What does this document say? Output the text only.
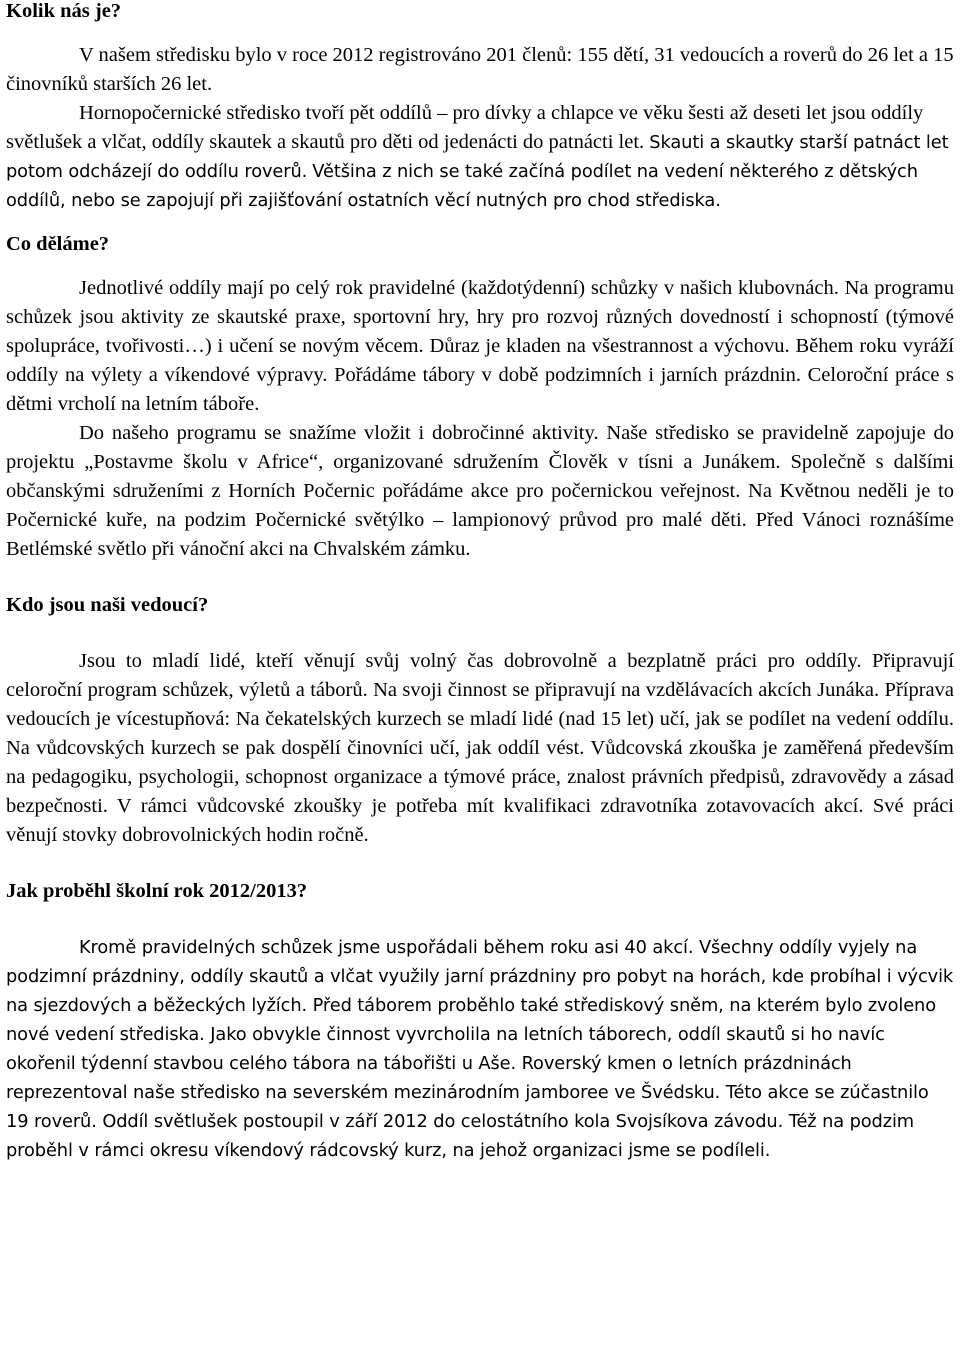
Kolik nás je?

V našem středisku bylo v roce 2012 registrováno 201 členů: 155 dětí, 31 vedoucích a roverů do 26 let a 15 činovníků starších 26 let.

Hornopočernické středisko tvoří pět oddílů – pro dívky a chlapce ve věku šesti až deseti let jsou oddíly světlušek a vlčat, oddíly skautek a skautů pro děti od jedenácti do patnácti let. Skauti a skautky starší patnáct let potom odcházejí do oddílu roverů. Většina z nich se také začíná podílet na vedení některého z dětských oddílů, nebo se zapojují při zajišťování ostatních věcí nutných pro chod střediska.

Co děláme?

Jednotlivé oddíly mají po celý rok pravidelné (každotýdenní) schůzky v našich klubovnách. Na programu schůzek jsou aktivity ze skautské praxe, sportovní hry, hry pro rozvoj různých dovedností i schopností (týmové spolupráce, tvořivosti…) i učení se novým věcem. Důraz je kladen na všestrannost a výchovu. Během roku vyráží oddíly na výlety a víkendové výpravy. Pořádáme tábory v době podzimních i jarních prázdnin. Celoroční práce s dětmi vrcholí na letním táboře.

Do našeho programu se snažíme vložit i dobročinné aktivity. Naše středisko se pravidelně zapojuje do projektu „Postavme školu v Africe“, organizované sdružením Člověk v tísni a Junákem. Společně s dalšími občanskými sdruženími z Horních Počernic pořádáme akce pro počernickou veřejnost. Na Květnou neděli je to Počernické kuře, na podzim Počernické světýlko – lampionový průvod pro malé děti. Před Vánoci roznášíme Betlémské světlo při vánoční akci na Chvalském zámku.

Kdo jsou naši vedoucí?

Jsou to mladí lidé, kteří věnují svůj volný čas dobrovolně a bezplatně práci pro oddíly. Připravují celoroční program schůzek, výletů a táborů. Na svoji činnost se připravují na vzdělávacích akcích Junáka. Příprava vedoucích je vícestupňová: Na čekatelských kurzech se mladí lidé (nad 15 let) učí, jak se podílet na vedení oddílu. Na vůdcovských kurzech se pak dospělí činovníci učí, jak oddíl vést. Vůdcovská zkouška je zaměřená především na pedagogiku, psychologii, schopnost organizace a týmové práce, znalost právních předpisů, zdravovědy a zásad bezpečnosti. V rámci vůdcovské zkoušky je potřeba mít kvalifikaci zdravotníka zotavovacích akcí. Své práci věnují stovky dobrovolnických hodin ročně.

Jak proběhl školní rok 2012/2013?

Kromě pravidelných schůzek jsme uspořádali během roku asi 40 akcí. Všechny oddíly vyjely na podzimní prázdniny, oddíly skautů a vlčat využily jarní prázdniny pro pobyt na horách, kde probíhal i výcvik na sjezdových a běžeckých lyžích. Před táborem proběhlo také střediskový sněm, na kterém bylo zvoleno nové vedení střediska. Jako obvykle činnost vyvrcholila na letních táborech, oddíl skautů si ho navíc okořenil týdenní stavbou celého tábora na tábořišti u Aše. Roverský kmen o letních prázdninách reprezentoval naše středisko na severském mezinárodním jamboree ve Švédsku. Této akce se zúčastnilo 19 roverů. Oddíl světlušek postoupil v září 2012 do celostátního kola Svojsíkova závodu. Též na podzim proběhl v rámci okresu víkendový rádcovský kurz, na jehož organizaci jsme se podíleli.
